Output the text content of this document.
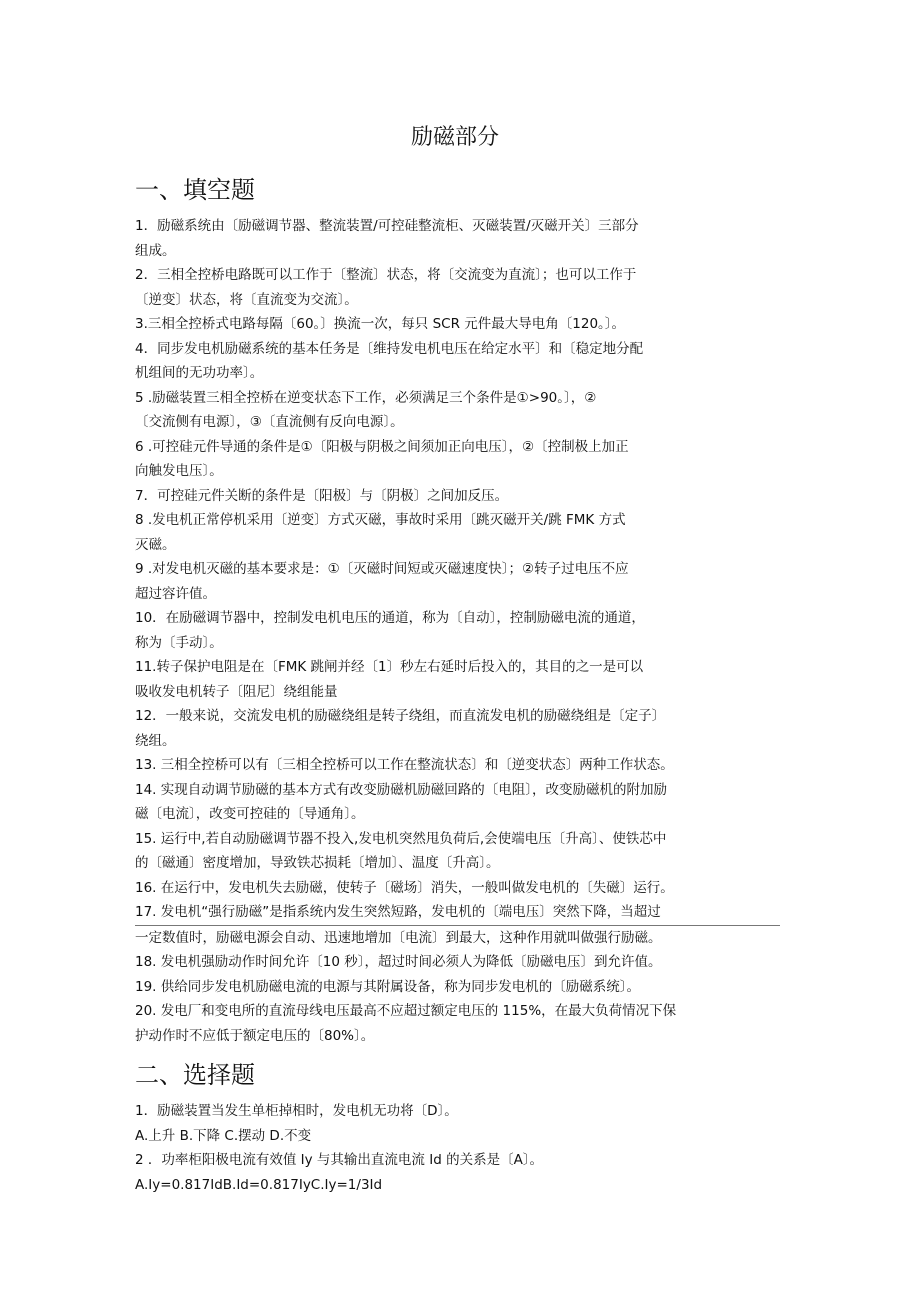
励磁部分
一、填空题
1．励磁系统由〔励磁调节器、整流装置/可控硅整流柜、灭磁装置/灭磁开关〕三部分
组成。
2．三相全控桥电路既可以工作于〔整流〕状态，将〔交流变为直流〕；也可以工作于
〔逆变〕状态，将〔直流变为交流〕。
3.三相全控桥式电路每隔〔60。〕换流一次，每只 SCR 元件最大导电角〔120。〕。
4．同步发电机励磁系统的基本任务是〔维持发电机电压在给定水平〕和〔稳定地分配
机组间的无功功率〕。
5 .励磁装置三相全控桥在逆变状态下工作，必须满足三个条件是①>90。〕，②
〔交流侧有电源〕，③〔直流侧有反向电源〕。
6 .可控硅元件导通的条件是①〔阳极与阴极之间须加正向电压〕，②〔控制极上加正
向触发电压〕。
7．可控硅元件关断的条件是〔阳极〕与〔阴极〕之间加反压。
8 .发电机正常停机采用〔逆变〕方式灭磁，事故时采用〔跳灭磁开关/跳 FMK 方式
灭磁。
9 .对发电机灭磁的基本要求是：①〔灭磁时间短或灭磁速度快〕；②转子过电压不应
超过容许值。
10．在励磁调节器中，控制发电机电压的通道，称为〔自动〕，控制励磁电流的通道，
称为〔手动〕。
11.转子保护电阻是在〔FMK 跳闸并经〔1〕秒左右延时后投入的，其目的之一是可以
吸收发电机转子〔阻尼〕绕组能量
12．一般来说，交流发电机的励磁绕组是转子绕组，而直流发电机的励磁绕组是〔定子〕
绕组。
13. 三相全控桥可以有〔三相全控桥可以工作在整流状态〕和〔逆变状态〕两种工作状态。
14. 实现自动调节励磁的基本方式有改变励磁机励磁回路的〔电阻〕，改变励磁机的附加励
磁〔电流〕，改变可控硅的〔导通角〕。
15. 运行中,若自动励磁调节器不投入,发电机突然甩负荷后,会使端电压〔升高〕、使铁芯中
的〔磁通〕密度增加，导致铁芯损耗〔增加〕、温度〔升高〕。
16. 在运行中，发电机失去励磁，使转子〔磁场〕消失，一般叫做发电机的〔失磁〕运行。
17. 发电机“强行励磁”是指系统内发生突然短路，发电机的〔端电压〕突然下降，当超过
一定数值时，励磁电源会自动、迅速地增加〔电流〕到最大，这种作用就叫做强行励磁。
18. 发电机强励动作时间允许〔10 秒〕，超过时间必须人为降低〔励磁电压〕到允许值。
19. 供给同步发电机励磁电流的电源与其附属设备，称为同步发电机的〔励磁系统〕。
20. 发电厂和变电所的直流母线电压最高不应超过额定电压的 115%，在最大负荷情况下保
护动作时不应低于额定电压的〔80%〕。
二、选择题
1．励磁装置当发生单柜掉相时，发电机无功将〔D〕。
A.上升 B.下降 C.摆动 D.不变
2 ．功率柜阳极电流有效值 Iy 与其输出直流电流 Id 的关系是〔A〕。
A.Iy=0.817IdB.Id=0.817IyC.Iy=1/3Id
